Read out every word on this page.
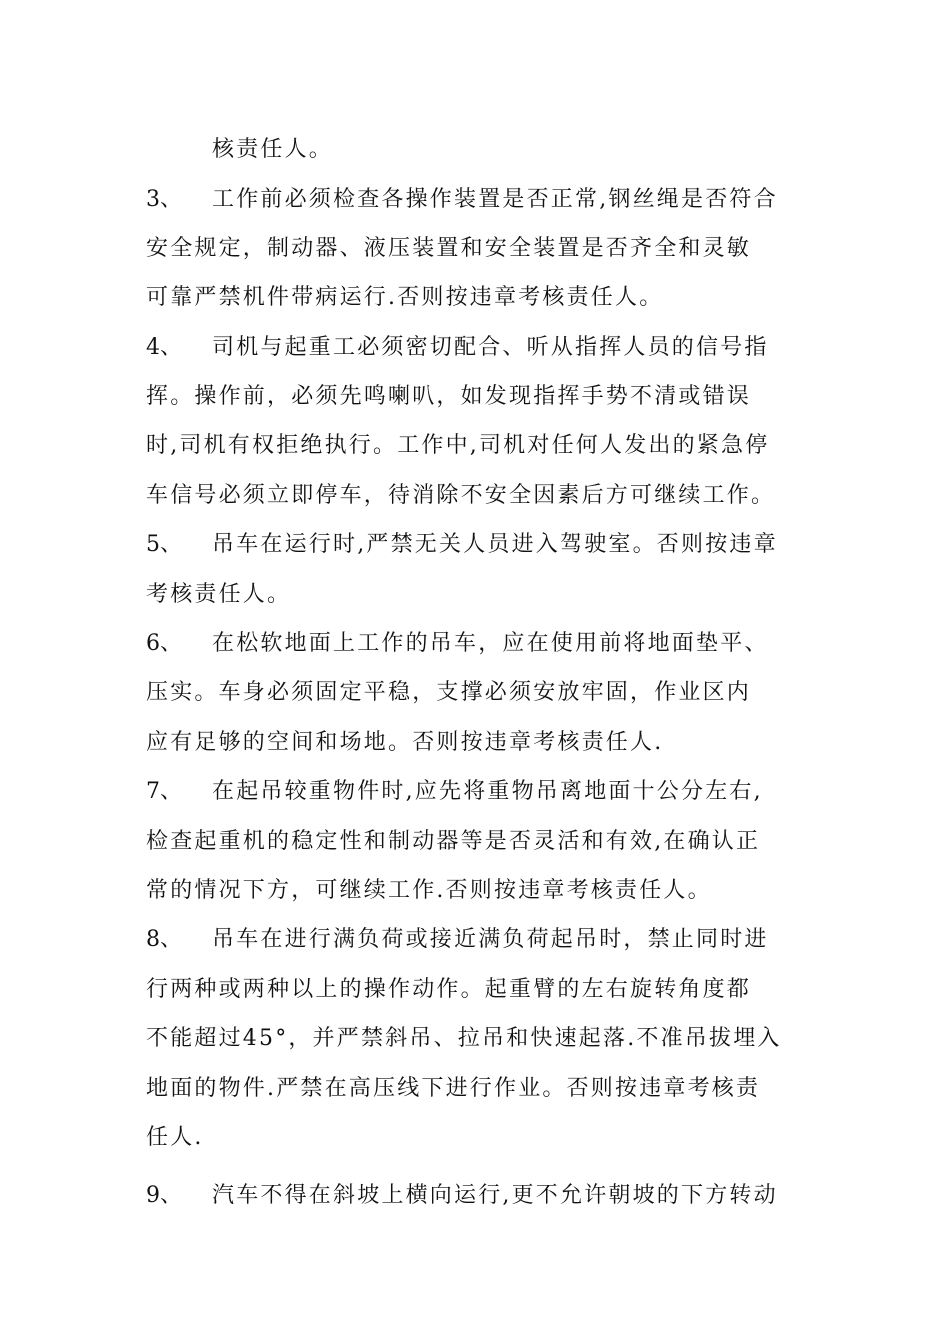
核责任人。
3、 工作前必须检查各操作装置是否正常,钢丝绳是否符合
安全规定，制动器、液压装置和安全装置是否齐全和灵敏
可靠严禁机件带病运行.否则按违章考核责任人。
4、 司机与起重工必须密切配合、听从指挥人员的信号指
挥。操作前，必须先鸣喇叭，如发现指挥手势不清或错误
时,司机有权拒绝执行。工作中,司机对任何人发出的紧急停
车信号必须立即停车，待消除不安全因素后方可继续工作。
5、 吊车在运行时,严禁无关人员进入驾驶室。否则按违章
考核责任人。
6、 在松软地面上工作的吊车，应在使用前将地面垫平、
压实。车身必须固定平稳，支撑必须安放牢固，作业区内
应有足够的空间和场地。否则按违章考核责任人.
7、 在起吊较重物件时,应先将重物吊离地面十公分左右,
检查起重机的稳定性和制动器等是否灵活和有效,在确认正
常的情况下方，可继续工作.否则按违章考核责任人。
8、 吊车在进行满负荷或接近满负荷起吊时，禁止同时进
行两种或两种以上的操作动作。起重臂的左右旋转角度都
不能超过45°，并严禁斜吊、拉吊和快速起落.不准吊拔埋入
地面的物件.严禁在高压线下进行作业。否则按违章考核责
任人.
9、 汽车不得在斜坡上横向运行,更不允许朝坡的下方转动
